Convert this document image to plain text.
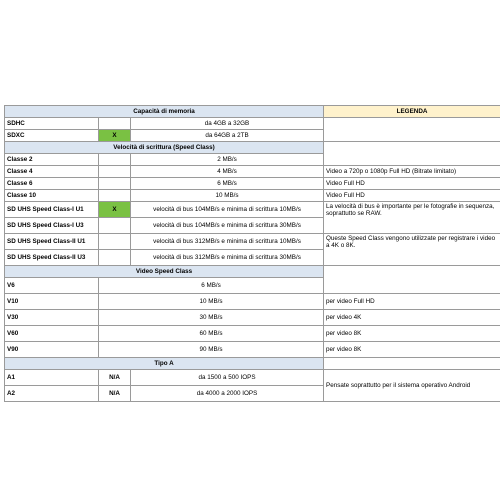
Capacità di memoria			LEGENDA
SDHC		da 4GB a 32GB	
SDXC	X	da 64GB a 2TB	
Velocità di scrittura (Speed Class)			
Classe 2		2 MB/s	
Classe 4		4 MB/s	Video a 720p o 1080p Full HD (Bitrate limitato)
Classe 6		6 MB/s	Video Full HD
Classe 10		10 MB/s	Video Full HD
SD UHS Speed Class-I U1	X	velocità di bus 104MB/s e minima di scrittura 10MB/s	La velocità di bus è importante per le fotografie in sequenza, soprattutto se RAW.
SD UHS Speed Class-I U3		velocità di bus 104MB/s e minima di scrittura 30MB/s	
SD UHS Speed Class-II U1		velocità di bus 312MB/s e minima di scrittura 10MB/s	Queste Speed Class vengono utilizzate per registrare i video a 4K o 8K.
SD UHS Speed Class-II U3		velocità di bus 312MB/s e minima di scrittura 30MB/s	
Video Speed Class			
V6	6 MB/s		
V10	10 MB/s		per video Full HD
V30	30 MB/s		per video 4K
V60	60 MB/s		per video 8K
V90	90 MB/s		per video 8K
Tipo A			
A1	N/A	da 1500 a 500 IOPS	Pensate soprattutto per il sistema operativo Android
A2	N/A	da 4000 a 2000 IOPS	
